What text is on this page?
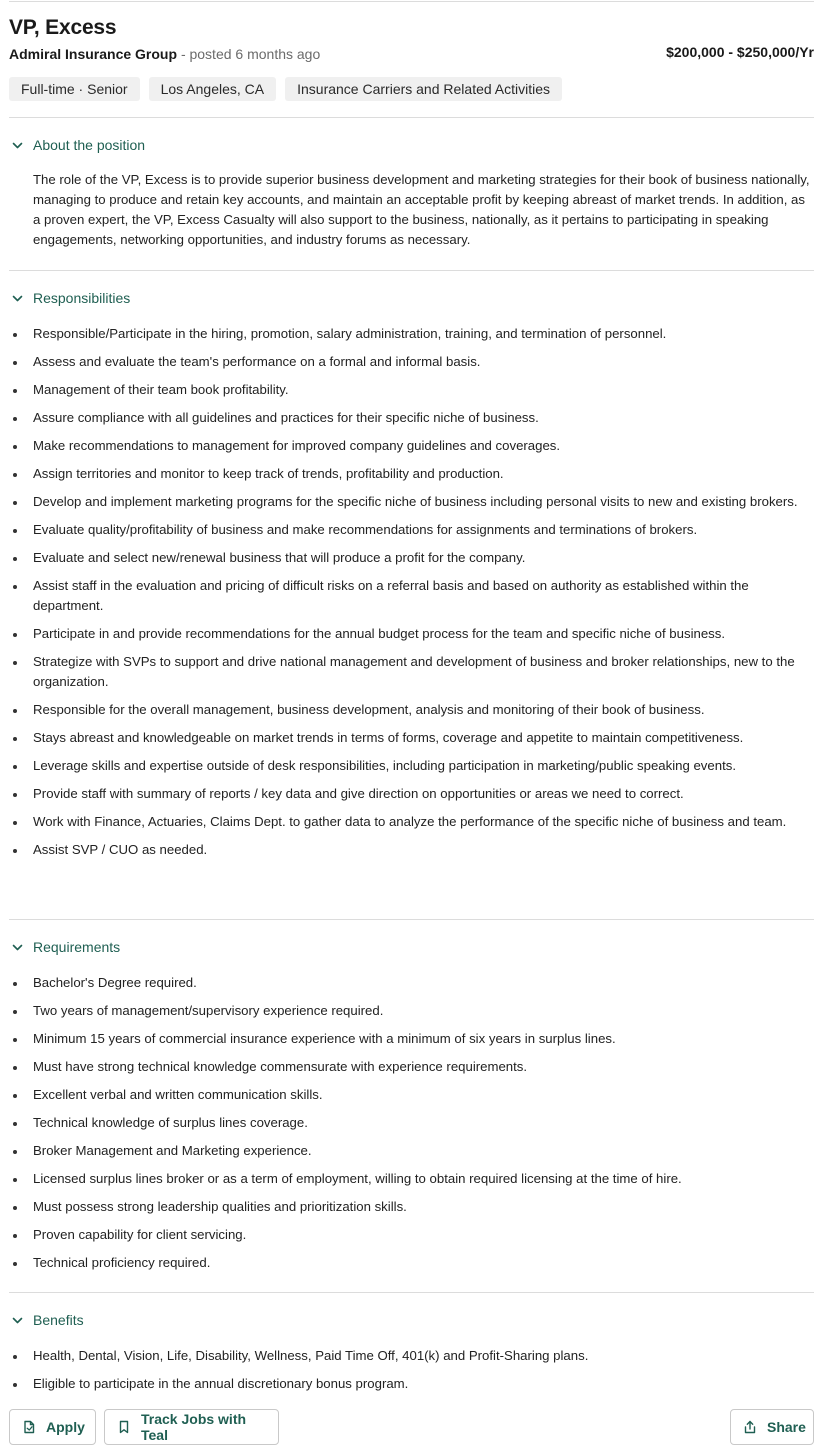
VP, Excess
Admiral Insurance Group - posted 6 months ago	$200,000 - $250,000/Yr
Full-time · Senior	Los Angeles, CA	Insurance Carriers and Related Activities
About the position

The role of the VP, Excess is to provide superior business development and marketing strategies for their book of business nationally, managing to produce and retain key accounts, and maintain an acceptable profit by keeping abreast of market trends. In addition, as a proven expert, the VP, Excess Casualty will also support to the business, nationally, as it pertains to participating in speaking engagements, networking opportunities, and industry forums as necessary.

Responsibilities
Responsible/Participate in the hiring, promotion, salary administration, training, and termination of personnel.
Assess and evaluate the team's performance on a formal and informal basis.
Management of their team book profitability.
Assure compliance with all guidelines and practices for their specific niche of business.
Make recommendations to management for improved company guidelines and coverages.
Assign territories and monitor to keep track of trends, profitability and production.
Develop and implement marketing programs for the specific niche of business including personal visits to new and existing brokers.
Evaluate quality/profitability of business and make recommendations for assignments and terminations of brokers.
Evaluate and select new/renewal business that will produce a profit for the company.
Assist staff in the evaluation and pricing of difficult risks on a referral basis and based on authority as established within the department.
Participate in and provide recommendations for the annual budget process for the team and specific niche of business.
Strategize with SVPs to support and drive national management and development of business and broker relationships, new to the organization.
Responsible for the overall management, business development, analysis and monitoring of their book of business.
Stays abreast and knowledgeable on market trends in terms of forms, coverage and appetite to maintain competitiveness.
Leverage skills and expertise outside of desk responsibilities, including participation in marketing/public speaking events.
Provide staff with summary of reports / key data and give direction on opportunities or areas we need to correct.
Work with Finance, Actuaries, Claims Dept. to gather data to analyze the performance of the specific niche of business and team.
Assist SVP / CUO as needed.
Requirements
Bachelor's Degree required.
Two years of management/supervisory experience required.
Minimum 15 years of commercial insurance experience with a minimum of six years in surplus lines.
Must have strong technical knowledge commensurate with experience requirements.
Excellent verbal and written communication skills.
Technical knowledge of surplus lines coverage.
Broker Management and Marketing experience.
Licensed surplus lines broker or as a term of employment, willing to obtain required licensing at the time of hire.
Must possess strong leadership qualities and prioritization skills.
Proven capability for client servicing.
Technical proficiency required.
Benefits
Health, Dental, Vision, Life, Disability, Wellness, Paid Time Off, 401(k) and Profit-Sharing plans.
Eligible to participate in the annual discretionary bonus program.
Apply	Track Jobs with Teal	Share
